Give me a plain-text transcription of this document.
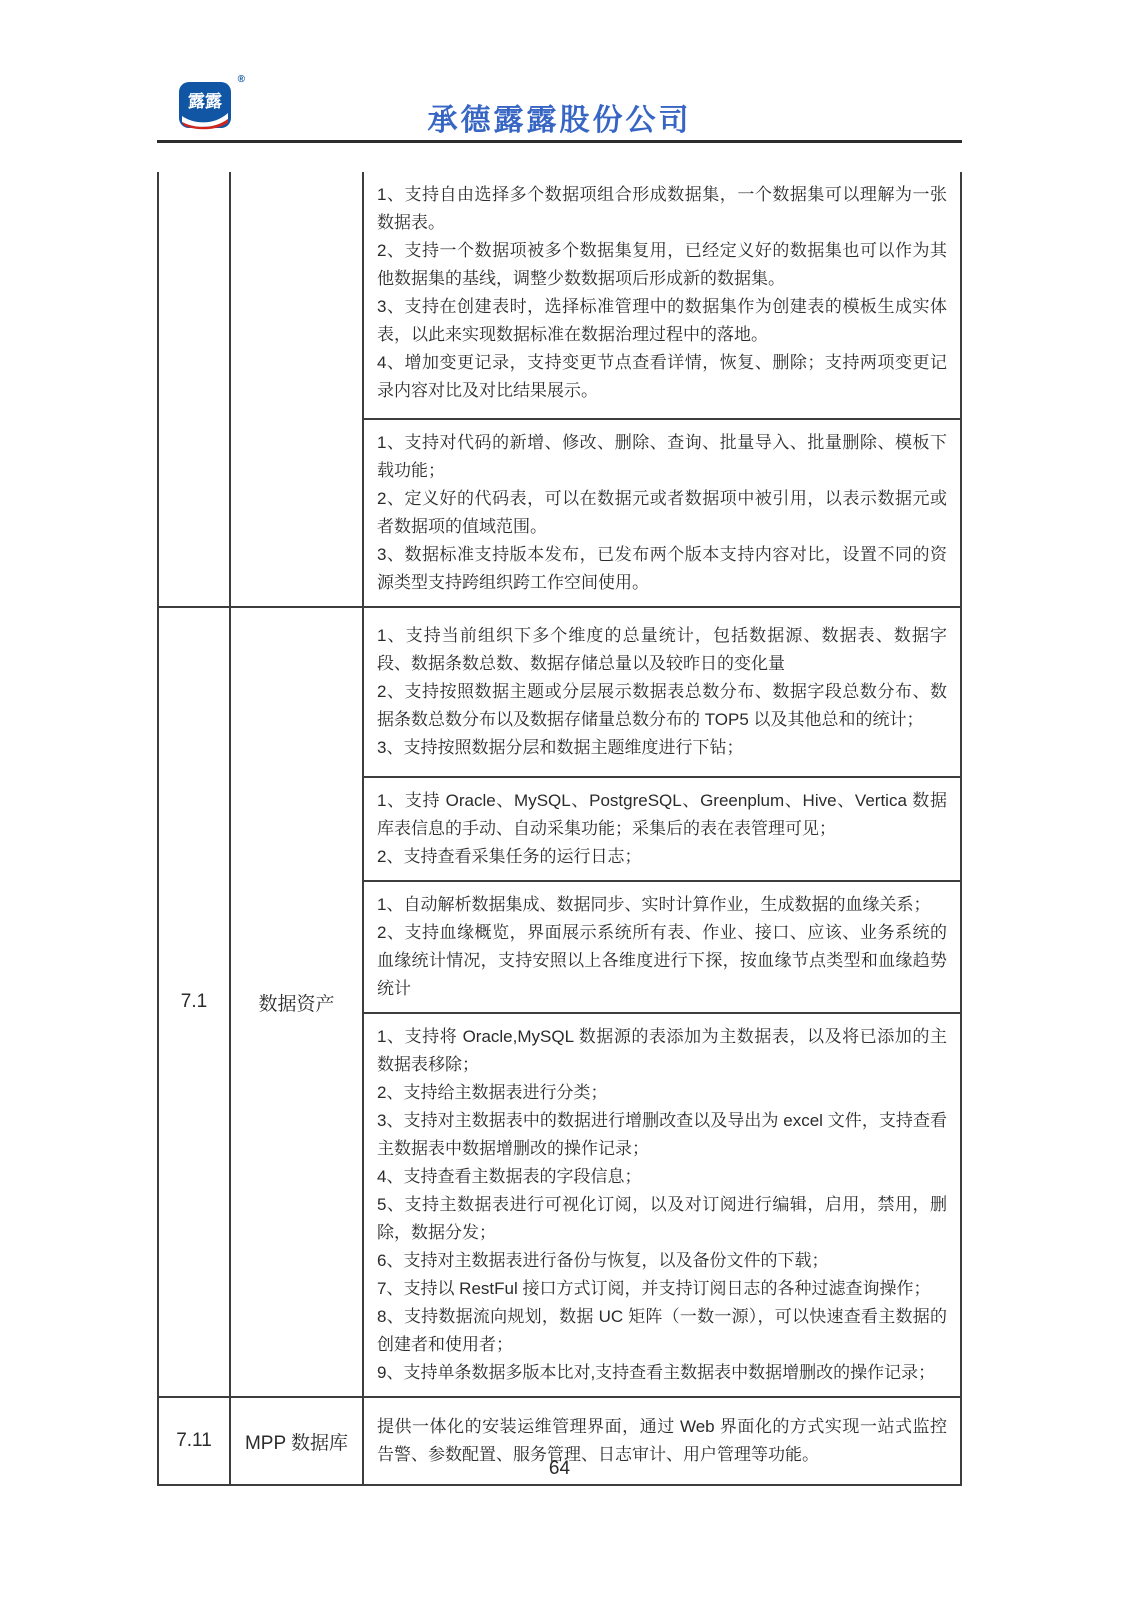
露露
®
承德露露股份公司

1、支持自由选择多个数据项组合形成数据集，一个数据集可以理解为一张数据表。

2、支持一个数据项被多个数据集复用，已经定义好的数据集也可以作为其他数据集的基线，调整少数数据项后形成新的数据集。

3、支持在创建表时，选择标准管理中的数据集作为创建表的模板生成实体表，以此来实现数据标准在数据治理过程中的落地。

4、增加变更记录，支持变更节点查看详情，恢复、删除；支持两项变更记录内容对比及对比结果展示。

1、支持对代码的新增、修改、删除、查询、批量导入、批量删除、模板下载功能；

2、定义好的代码表，可以在数据元或者数据项中被引用，以表示数据元或者数据项的值域范围。

3、数据标准支持版本发布，已发布两个版本支持内容对比，设置不同的资源类型支持跨组织跨工作空间使用。

7.1	数据资产

1、支持当前组织下多个维度的总量统计，包括数据源、数据表、数据字段、数据条数总数、数据存储总量以及较昨日的变化量

2、支持按照数据主题或分层展示数据表总数分布、数据字段总数分布、数据条数总数分布以及数据存储量总数分布的 TOP5 以及其他总和的统计；

3、支持按照数据分层和数据主题维度进行下钻；

1、支持 Oracle、MySQL、PostgreSQL、Greenplum、Hive、Vertica 数据库表信息的手动、自动采集功能；采集后的表在表管理可见；

2、支持查看采集任务的运行日志；

1、自动解析数据集成、数据同步、实时计算作业，生成数据的血缘关系；

2、支持血缘概览，界面展示系统所有表、作业、接口、应该、业务系统的血缘统计情况，支持安照以上各维度进行下探，按血缘节点类型和血缘趋势统计

1、支持将 Oracle,MySQL 数据源的表添加为主数据表，以及将已添加的主数据表移除；

2、支持给主数据表进行分类；

3、支持对主数据表中的数据进行增删改查以及导出为 excel 文件，支持查看主数据表中数据增删改的操作记录；

4、支持查看主数据表的字段信息；

5、支持主数据表进行可视化订阅，以及对订阅进行编辑，启用，禁用，删除，数据分发；

6、支持对主数据表进行备份与恢复，以及备份文件的下载；

7、支持以 RestFul 接口方式订阅，并支持订阅日志的各种过滤查询操作；

8、支持数据流向规划，数据 UC 矩阵（一数一源），可以快速查看主数据的创建者和使用者；

9、支持单条数据多版本比对,支持查看主数据表中数据增删改的操作记录；

7.11	MPP 数据库

提供一体化的安装运维管理界面，通过 Web 界面化的方式实现一站式监控告警、参数配置、服务管理、日志审计、用户管理等功能。

64
